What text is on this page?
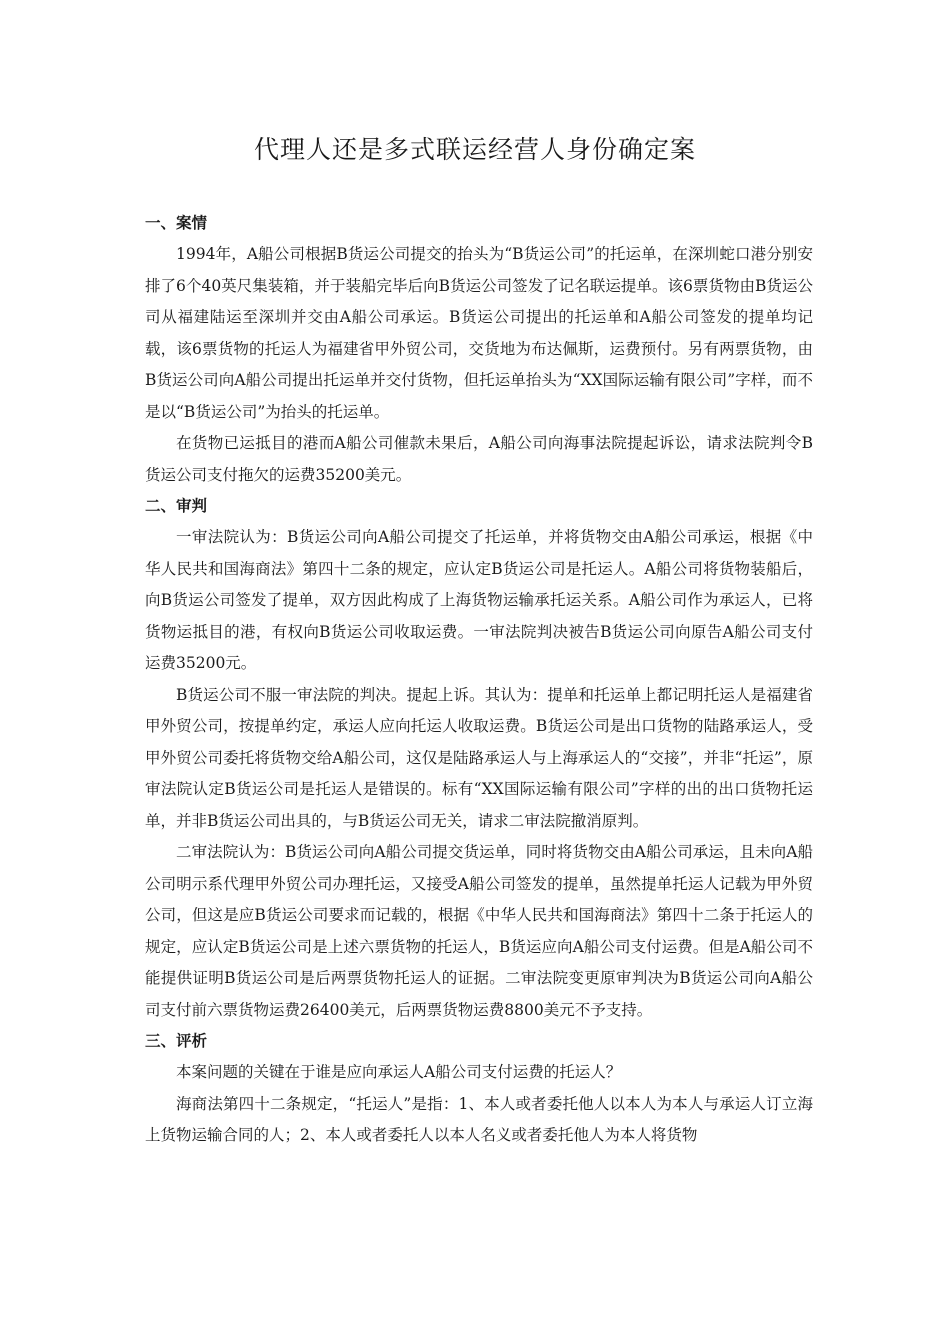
代理人还是多式联运经营人身份确定案

一、案情

1994年，A船公司根据B货运公司提交的抬头为“B货运公司”的托运单，在深圳蛇口港分别安排了6个40英尺集装箱，并于装船完毕后向B货运公司签发了记名联运提单。该6票货物由B货运公司从福建陆运至深圳并交由A船公司承运。B货运公司提出的托运单和A船公司签发的提单均记载，该6票货物的托运人为福建省甲外贸公司，交货地为布达佩斯，运费预付。另有两票货物，由B货运公司向A船公司提出托运单并交付货物，但托运单抬头为“XX国际运输有限公司”字样，而不是以“B货运公司”为抬头的托运单。

在货物已运抵目的港而A船公司催款未果后，A船公司向海事法院提起诉讼，请求法院判令B货运公司支付拖欠的运费35200美元。

二、审判

一审法院认为：B货运公司向A船公司提交了托运单，并将货物交由A船公司承运，根据《中华人民共和国海商法》第四十二条的规定，应认定B货运公司是托运人。A船公司将货物装船后，向B货运公司签发了提单，双方因此构成了上海货物运输承托运关系。A船公司作为承运人，已将货物运抵目的港，有权向B货运公司收取运费。一审法院判决被告B货运公司向原告A船公司支付运费35200元。

B货运公司不服一审法院的判决。提起上诉。其认为：提单和托运单上都记明托运人是福建省甲外贸公司，按提单约定，承运人应向托运人收取运费。B货运公司是出口货物的陆路承运人，受甲外贸公司委托将货物交给A船公司，这仅是陆路承运人与上海承运人的“交接”，并非“托运”，原审法院认定B货运公司是托运人是错误的。标有“XX国际运输有限公司”字样的出的出口货物托运单，并非B货运公司出具的，与B货运公司无关，请求二审法院撤消原判。

二审法院认为：B货运公司向A船公司提交货运单，同时将货物交由A船公司承运，且未向A船公司明示系代理甲外贸公司办理托运，又接受A船公司签发的提单，虽然提单托运人记载为甲外贸公司，但这是应B货运公司要求而记载的，根据《中华人民共和国海商法》第四十二条于托运人的规定，应认定B货运公司是上述六票货物的托运人，B货运应向A船公司支付运费。但是A船公司不能提供证明B货运公司是后两票货物托运人的证据。二审法院变更原审判决为B货运公司向A船公司支付前六票货物运费26400美元，后两票货物运费8800美元不予支持。

三、评析

本案问题的关键在于谁是应向承运人A船公司支付运费的托运人？

海商法第四十二条规定，“托运人”是指：1、本人或者委托他人以本人为本人与承运人订立海上货物运输合同的人；2、本人或者委托人以本人名义或者委托他人为本人将货物
